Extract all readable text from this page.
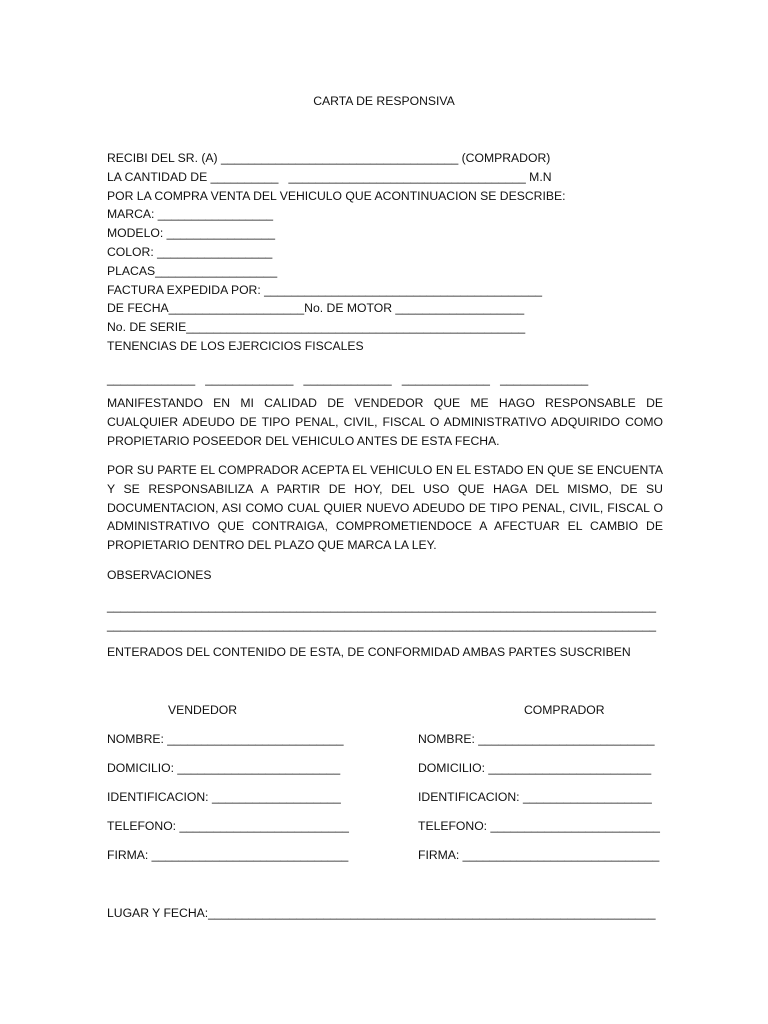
CARTA DE RESPONSIVA
RECIBI DEL SR. (A) ___________________________________ (COMPRADOR)
LA CANTIDAD DE __________   ___________________________________ M.N
POR LA COMPRA VENTA DEL VEHICULO QUE ACONTINUACION SE DESCRIBE:
MARCA: _________________
MODELO: ________________
COLOR: _________________
PLACAS__________________
FACTURA EXPEDIDA POR: _________________________________________
DE FECHA____________________No. DE MOTOR ___________________
No. DE SERIE__________________________________________________
TENENCIAS DE LOS EJERCICIOS FISCALES
_____________   _____________   _____________   _____________   _____________
MANIFESTANDO EN MI CALIDAD DE VENDEDOR QUE ME HAGO RESPONSABLE DE CUALQUIER ADEUDO DE TIPO PENAL, CIVIL, FISCAL O ADMINISTRATIVO ADQUIRIDO COMO PROPIETARIO POSEEDOR DEL VEHICULO ANTES DE ESTA FECHA.
POR SU PARTE EL COMPRADOR ACEPTA EL VEHICULO EN EL ESTADO EN QUE SE ENCUENTA Y SE RESPONSABILIZA A PARTIR DE HOY, DEL USO QUE HAGA DEL MISMO, DE SU DOCUMENTACION, ASI COMO CUAL QUIER NUEVO ADEUDO DE TIPO PENAL, CIVIL, FISCAL O ADMINISTRATIVO QUE CONTRAIGA, COMPROMETIENDOCE A AFECTUAR EL CAMBIO DE PROPIETARIO DENTRO DEL PLAZO QUE MARCA LA LEY.
OBSERVACIONES
_________________________________________________________________________________
_________________________________________________________________________________
ENTERADOS DEL CONTENIDO DE ESTA, DE CONFORMIDAD AMBAS PARTES SUSCRIBEN
VENDEDOR
NOMBRE: __________________________
DOMICILIO: ________________________
IDENTIFICACION: ___________________
TELEFONO: _________________________
FIRMA: _____________________________
COMPRADOR
NOMBRE: __________________________
DOMICILIO: ________________________
IDENTIFICACION: ___________________
TELEFONO: _________________________
FIRMA: _____________________________
LUGAR Y FECHA:__________________________________________________________________
